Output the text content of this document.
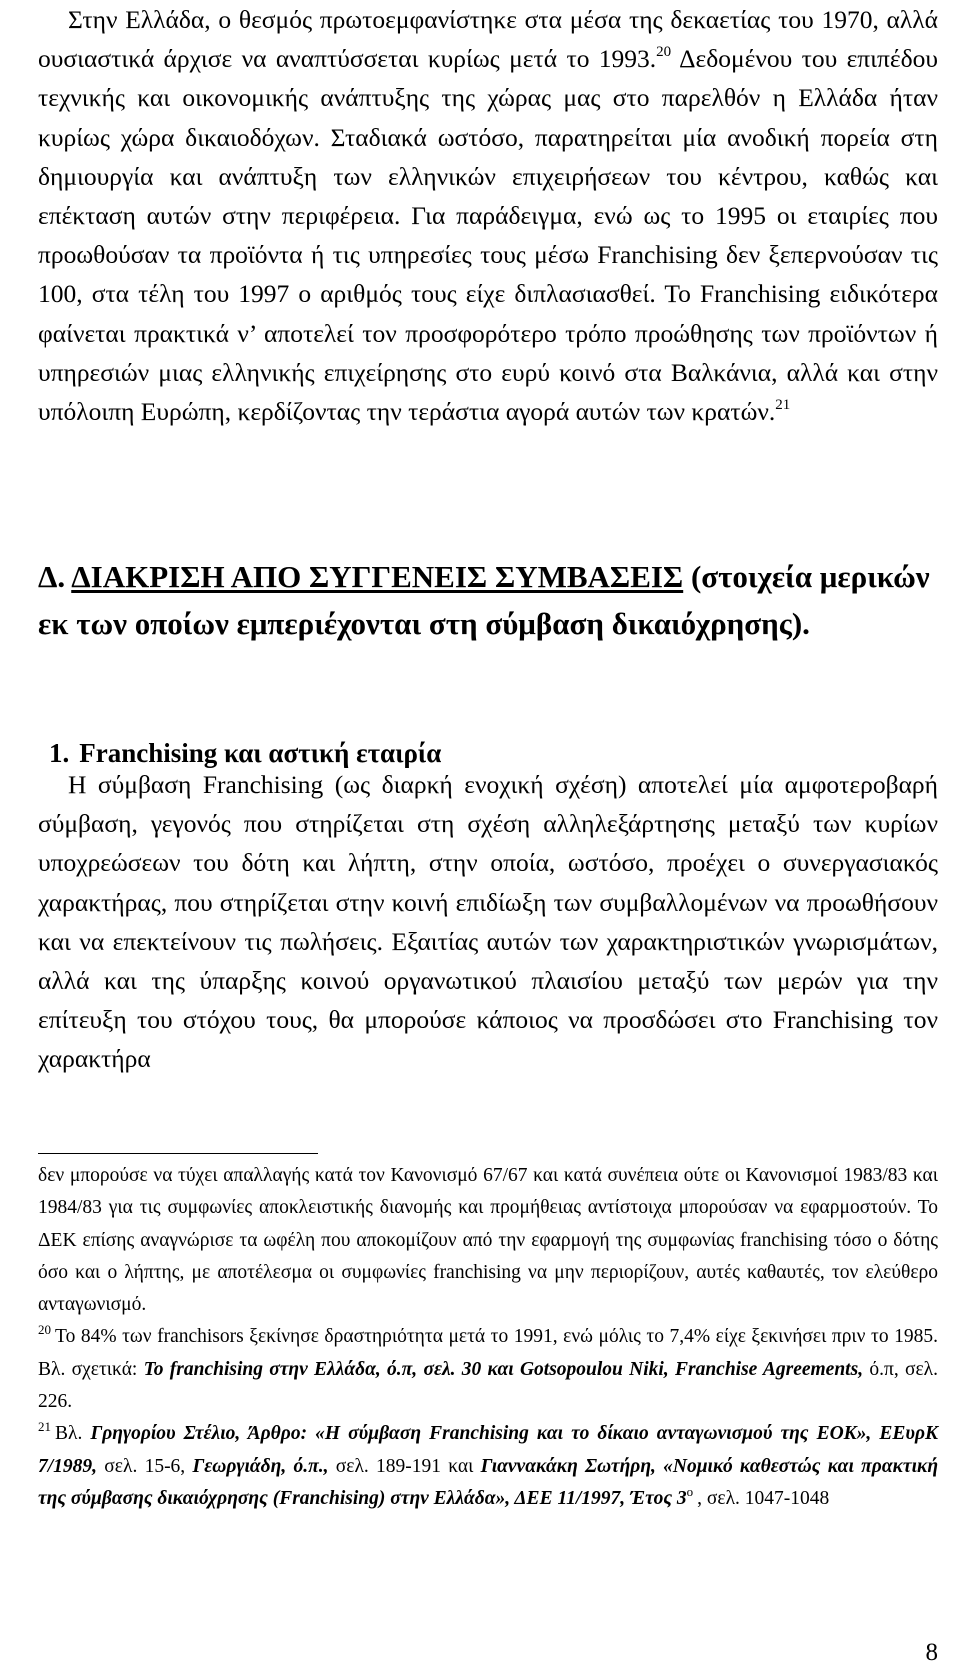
Στην Ελλάδα, ο θεσμός πρωτοεμφανίστηκε στα μέσα της δεκαετίας του 1970, αλλά ουσιαστικά άρχισε να αναπτύσσεται κυρίως μετά το 1993.20 Δεδομένου του επιπέδου τεχνικής και οικονομικής ανάπτυξης της χώρας μας στο παρελθόν η Ελλάδα ήταν κυρίως χώρα δικαιοδόχων. Σταδιακά ωστόσο, παρατηρείται μία ανοδική πορεία στη δημιουργία και ανάπτυξη των ελληνικών επιχειρήσεων του κέντρου, καθώς και επέκταση αυτών στην περιφέρεια. Για παράδειγμα, ενώ ως το 1995 οι εταιρίες που προωθούσαν τα προϊόντα ή τις υπηρεσίες τους μέσω Franchising δεν ξεπερνούσαν τις 100, στα τέλη του 1997 ο αριθμός τους είχε διπλασιασθεί. Το Franchising ειδικότερα φαίνεται πρακτικά ν’ αποτελεί τον προσφορότερο τρόπο προώθησης των προϊόντων ή υπηρεσιών μιας ελληνικής επιχείρησης στο ευρύ κοινό στα Βαλκάνια, αλλά και στην υπόλοιπη Ευρώπη, κερδίζοντας την τεράστια αγορά αυτών των κρατών.$^{21}$
Δ. ΔΙΑΚΡΙΣΗ ΑΠΟ ΣΥΓΓΕΝΕΙΣ ΣΥΜΒΑΣΕΙΣ (στοιχεία μερικών εκ των οποίων εμπεριέχονται στη σύμβαση δικαιόχρησης).
1. Franchising και αστική εταιρία
Η σύμβαση Franchising (ως διαρκή ενοχική σχέση) αποτελεί μία αμφοτεροβαρή σύμβαση, γεγονός που στηρίζεται στη σχέση αλληλεξάρτησης μεταξύ των κυρίων υποχρεώσεων του δότη και λήπτη, στην οποία, ωστόσο, προέχει ο συνεργασιακός χαρακτήρας, που στηρίζεται στην κοινή επιδίωξη των συμβαλλομένων να προωθήσουν και να επεκτείνουν τις πωλήσεις. Εξαιτίας αυτών των χαρακτηριστικών γνωρισμάτων, αλλά και της ύπαρξης κοινού οργανωτικού πλαισίου μεταξύ των μερών για την επίτευξη του στόχου τους, θα μπορούσε κάποιος να προσδώσει στο Franchising τον χαρακτήρα

δεν μπορούσε να τύχει απαλλαγής κατά τον Κανονισμό 67/67 και κατά συνέπεια ούτε οι Κανονισμοί 1983/83 και 1984/83 για τις συμφωνίες αποκλειστικής διανομής και προμήθειας αντίστοιχα μπορούσαν να εφαρμοστούν. Το ΔΕΚ επίσης αναγνώρισε τα ωφέλη που αποκομίζουν από την εφαρμογή της συμφωνίας franchising τόσο ο δότης όσο και ο λήπτης, με αποτέλεσμα οι συμφωνίες franchising να μην περιορίζουν, αυτές καθαυτές, τον ελεύθερο ανταγωνισμό.

$^{20}$ Το 84% των franchisors ξεκίνησε δραστηριότητα μετά το 1991, ενώ μόλις το 7,4% είχε ξεκινήσει πριν το 1985. Βλ. σχετικά: Το franchising στην Ελλάδα, ό.π, σελ. 30 και Gotsopoulou Niki, Franchise Agreements, ό.π, σελ. 226.

$^{21}$ Βλ. Γρηγορίου Στέλιο, Άρθρο: «Η σύμβαση Franchising και το δίκαιο ανταγωνισμού της ΕΟΚ», ΕΕυρΚ 7/1989, σελ. 15-6, Γεωργιάδη, ό.π., σελ. 189-191 και Γιαννακάκη Σωτήρη, «Νομικό καθεστώς και πρακτική της σύμβασης δικαιόχρησης (Franchising) στην Ελλάδα», ΔΕΕ 11/1997, Έτος $3^o$ , σελ. 1047-1048

8
